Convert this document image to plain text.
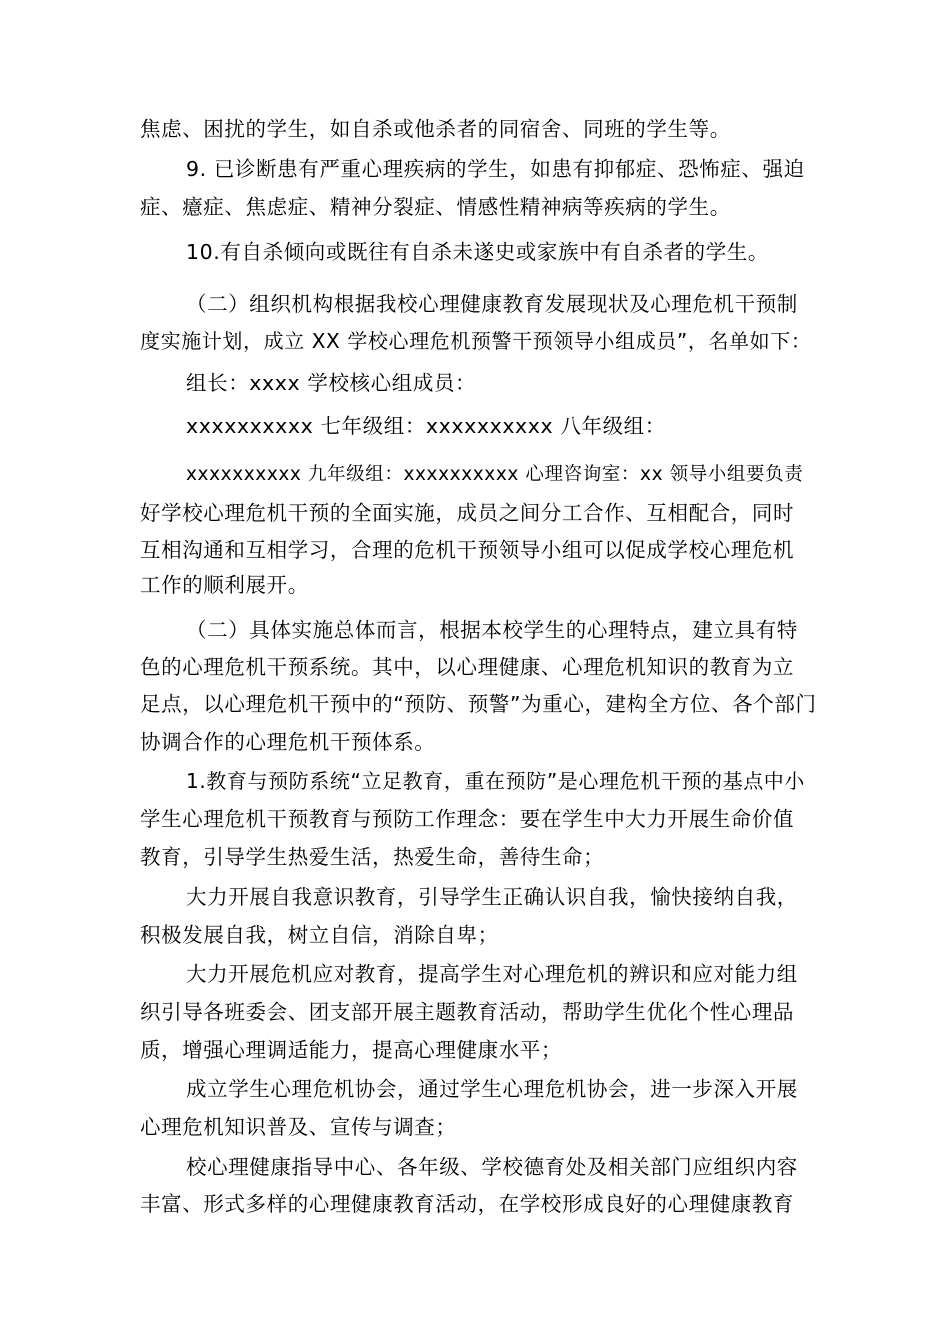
焦虑、困扰的学生，如自杀或他杀者的同宿舍、同班的学生等。
9. 已诊断患有严重心理疾病的学生，如患有抑郁症、恐怖症、强迫
症、癔症、焦虑症、精神分裂症、情感性精神病等疾病的学生。
10.有自杀倾向或既往有自杀未遂史或家族中有自杀者的学生。
（二）组织机构根据我校心理健康教育发展现状及心理危机干预制
度实施计划，成立 XX 学校心理危机预警干预领导小组成员”，名单如下：
组长：xxxx 学校核心组成员：
xxxxxxxxxx 七年级组：xxxxxxxxxx 八年级组：
xxxxxxxxxx 九年级组：xxxxxxxxxx 心理咨询室：xx 领导小组要负责
好学校心理危机干预的全面实施，成员之间分工合作、互相配合，同时
互相沟通和互相学习，合理的危机干预领导小组可以促成学校心理危机
工作的顺利展开。
（二）具体实施总体而言，根据本校学生的心理特点，建立具有特
色的心理危机干预系统。其中，以心理健康、心理危机知识的教育为立
足点，以心理危机干预中的“预防、预警”为重心，建构全方位、各个部门
协调合作的心理危机干预体系。
1.教育与预防系统“立足教育，重在预防”是心理危机干预的基点中小
学生心理危机干预教育与预防工作理念：要在学生中大力开展生命价值
教育，引导学生热爱生活，热爱生命，善待生命；
大力开展自我意识教育，引导学生正确认识自我，愉快接纳自我，
积极发展自我，树立自信，消除自卑；
大力开展危机应对教育，提高学生对心理危机的辨识和应对能力组
织引导各班委会、团支部开展主题教育活动，帮助学生优化个性心理品
质，增强心理调适能力，提高心理健康水平；
成立学生心理危机协会，通过学生心理危机协会，进一步深入开展
心理危机知识普及、宣传与调查；
校心理健康指导中心、各年级、学校德育处及相关部门应组织内容
丰富、形式多样的心理健康教育活动，在学校形成良好的心理健康教育
